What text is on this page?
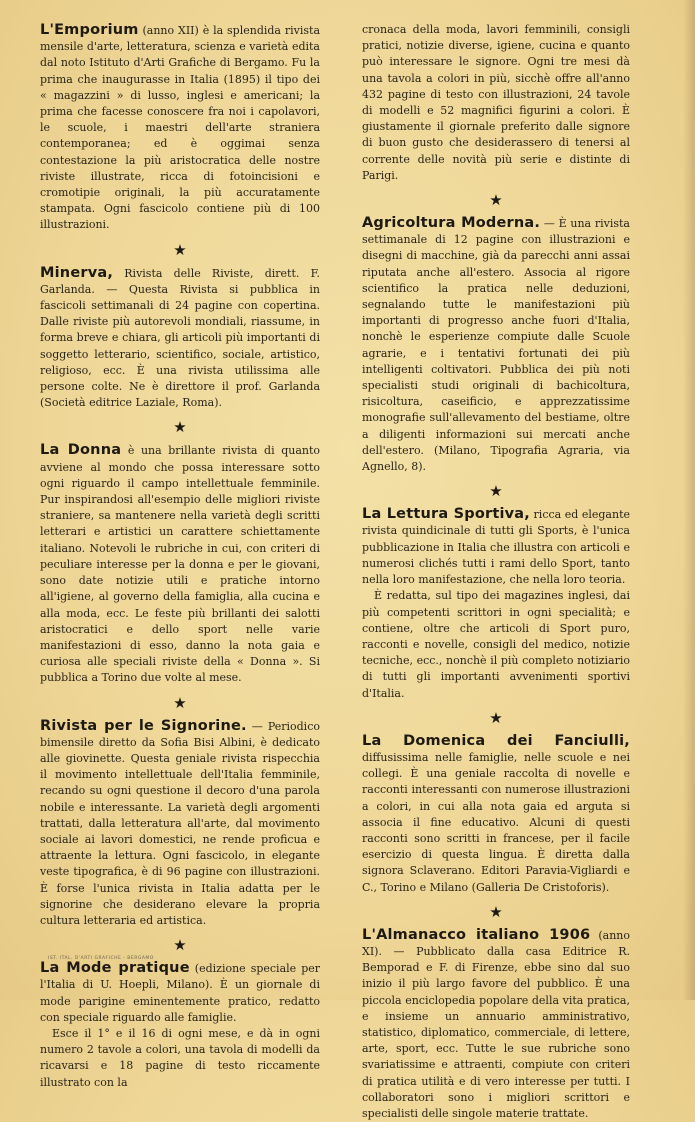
L'Emporium (anno XII) è la splendida rivista mensile d'arte, letteratura, scienza e varietà edita dal noto Istituto d'Arti Grafiche di Bergamo. Fu la prima che inaugurasse in Italia (1895) il tipo dei « magazzini » di lusso, inglesi e americani; la prima che facesse conoscere fra noi i capolavori, le scuole, i maestri dell'arte straniera contemporanea; ed è oggimai senza contestazione la più aristocratica delle nostre riviste illustrate, ricca di fotoincisioni e cromotipie originali, la più accuratamente stampata. Ogni fascicolo contiene più di 100 illustrazioni.

★

Minerva, Rivista delle Riviste, dirett. F. Garlanda. — Questa Rivista si pubblica in fascicoli settimanali di 24 pagine con copertina. Dalle riviste più autorevoli mondiali, riassume, in forma breve e chiara, gli articoli più importanti di soggetto letterario, scientifico, sociale, artistico, religioso, ecc. È una rivista utilissima alle persone colte. Ne è direttore il prof. Garlanda (Società editrice Laziale, Roma).

★

La Donna è una brillante rivista di quanto avviene al mondo che possa interessare sotto ogni riguardo il campo intellettuale femminile. Pur inspirandosi all'esempio delle migliori riviste straniere, sa mantenere nella varietà degli scritti letterari e artistici un carattere schiettamente italiano. Notevoli le rubriche in cui, con criteri di peculiare interesse per la donna e per le giovani, sono date notizie utili e pratiche intorno all'igiene, al governo della famiglia, alla cucina e alla moda, ecc. Le feste più brillanti dei salotti aristocratici e dello sport nelle varie manifestazioni di esso, danno la nota gaia e curiosa alle speciali riviste della « Donna ». Si pubblica a Torino due volte al mese.

★

Rivista per le Signorine. — Periodico bimensile diretto da Sofia Bisi Albini, è dedicato alle giovinette. Questa geniale rivista rispecchia il movimento intellettuale dell'Italia femminile, recando su ogni questione il decoro d'una parola nobile e interessante. La varietà degli argomenti trattati, dalla letteratura all'arte, dal movimento sociale ai lavori domestici, ne rende proficua e attraente la lettura. Ogni fascicolo, in elegante veste tipografica, è di 96 pagine con illustrazioni. È forse l'unica rivista in Italia adatta per le signorine che desiderano elevare la propria cultura letteraria ed artistica.

★

La Mode pratique (edizione speciale per l'Italia di U. Hoepli, Milano). È un giornale di mode parigine eminentemente pratico, redatto con speciale riguardo alle famiglie.

Esce il 1° e il 16 di ogni mese, e dà in ogni numero 2 tavole a colori, una tavola di modelli da ricavarsi e 18 pagine di testo riccamente illustrato con la

cronaca della moda, lavori femminili, consigli pratici, notizie diverse, igiene, cucina e quanto può interessare le signore. Ogni tre mesi dà una tavola a colori in più, sicchè offre all'anno 432 pagine di testo con illustrazioni, 24 tavole di modelli e 52 magnifici figurini a colori. È giustamente il giornale preferito dalle signore di buon gusto che desiderassero di tenersi al corrente delle novità più serie e distinte di Parigi.

★

Agricoltura Moderna. — È una rivista settimanale di 12 pagine con illustrazioni e disegni di macchine, già da parecchi anni assai riputata anche all'estero. Associa al rigore scientifico la pratica nelle deduzioni, segnalando tutte le manifestazioni più importanti di progresso anche fuori d'Italia, nonchè le esperienze compiute dalle Scuole agrarie, e i tentativi fortunati dei più intelligenti coltivatori. Pubblica dei più noti specialisti studi originali di bachicoltura, risicoltura, caseificio, e apprezzatissime monografie sull'allevamento del bestiame, oltre a diligenti informazioni sui mercati anche dell'estero. (Milano, Tipografia Agraria, via Agnello, 8).

★

La Lettura Sportiva, ricca ed elegante rivista quindicinale di tutti gli Sports, è l'unica pubblicazione in Italia che illustra con articoli e numerosi clichés tutti i rami dello Sport, tanto nella loro manifestazione, che nella loro teoria.

È redatta, sul tipo dei magazines inglesi, dai più competenti scrittori in ogni specialità; e contiene, oltre che articoli di Sport puro, racconti e novelle, consigli del medico, notizie tecniche, ecc., nonchè il più completo notiziario di tutti gli importanti avvenimenti sportivi d'Italia.

★

La Domenica dei Fanciulli, diffusissima nelle famiglie, nelle scuole e nei collegi. È una geniale raccolta di novelle e racconti interessanti con numerose illustrazioni a colori, in cui alla nota gaia ed arguta si associa il fine educativo. Alcuni di questi racconti sono scritti in francese, per il facile esercizio di questa lingua. È diretta dalla signora Sclaverano. Editori Paravia-Vigliardi e C., Torino e Milano (Galleria De Cristoforis).

★

L'Almanacco italiano 1906 (anno XI). — Pubblicato dalla casa Editrice R. Bemporad e F. di Firenze, ebbe sino dal suo inizio il più largo favore del pubblico. È una piccola enciclopedia popolare della vita pratica, e insieme un annuario amministrativo, statistico, diplomatico, commerciale, di lettere, arte, sport, ecc. Tutte le sue rubriche sono svariatissime e attraenti, compiute con criteri di pratica utilità e di vero interesse per tutti. I collaboratori sono i migliori scrittori e specialisti delle singole materie trattate.

IST. ITAL. D'ARTI GRAFICHE - BERGAMO
